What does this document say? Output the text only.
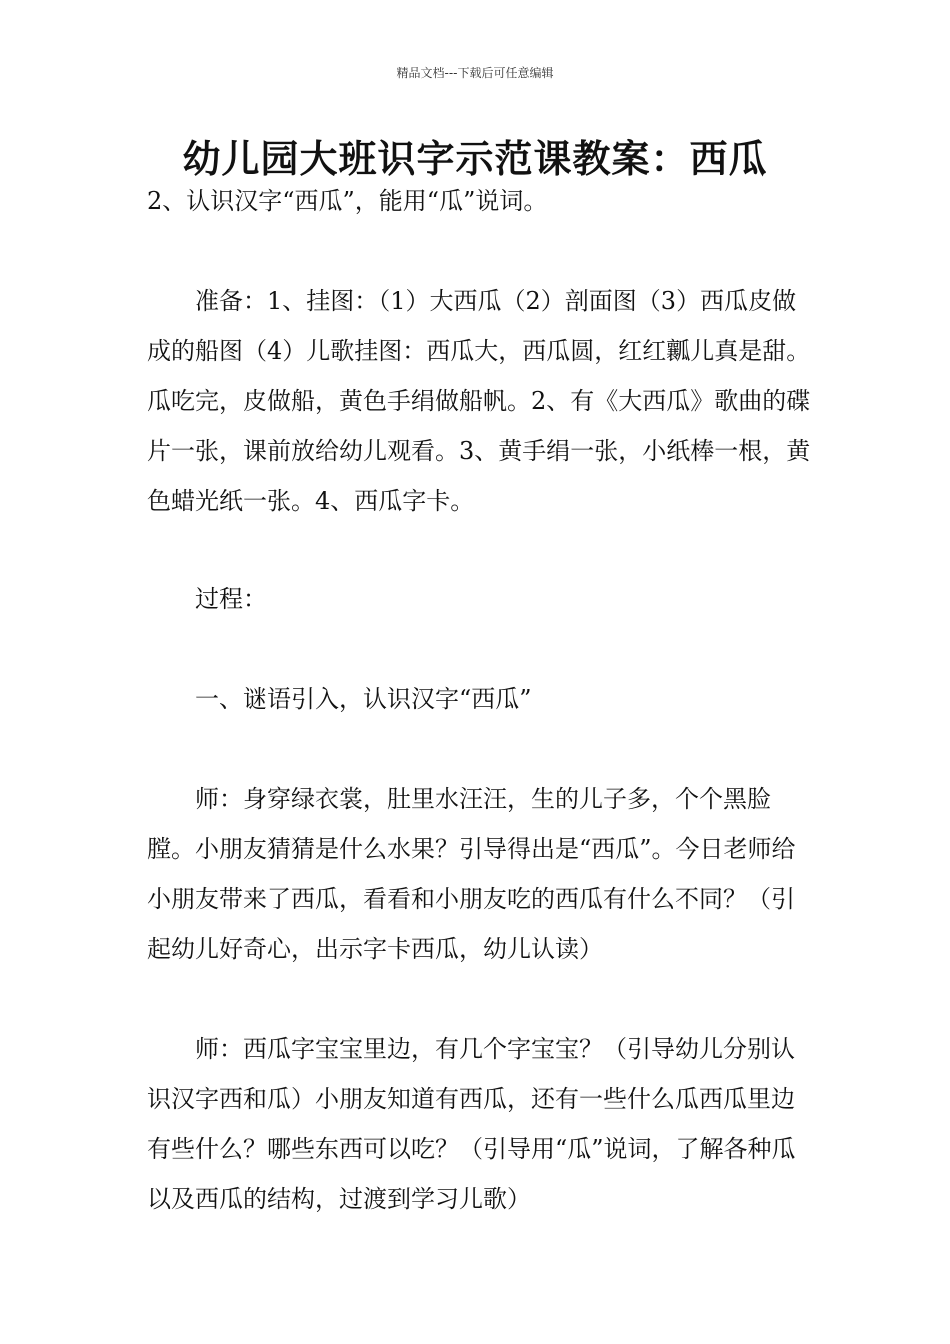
精品文档---下载后可任意编辑
幼儿园大班识字示范课教案：西瓜

2、认识汉字“西瓜”，能用“瓜”说词。

准备：1、挂图：（1）大西瓜（2）剖面图（3）西瓜皮做成的船图（4）儿歌挂图：西瓜大，西瓜圆，红红瓤儿真是甜。瓜吃完，皮做船，黄色手绢做船帆。2、有《大西瓜》歌曲的碟片一张，课前放给幼儿观看。3、黄手绢一张，小纸棒一根，黄色蜡光纸一张。4、西瓜字卡。

过程：

一、谜语引入，认识汉字“西瓜”

师：身穿绿衣裳，肚里水汪汪，生的儿子多，个个黑脸膛。小朋友猜猜是什么水果？引导得出是“西瓜”。今日老师给小朋友带来了西瓜，看看和小朋友吃的西瓜有什么不同？（引起幼儿好奇心，出示字卡西瓜，幼儿认读）

师：西瓜字宝宝里边，有几个字宝宝？（引导幼儿分别认识汉字西和瓜）小朋友知道有西瓜，还有一些什么瓜西瓜里边有些什么？哪些东西可以吃？（引导用“瓜”说词，了解各种瓜以及西瓜的结构，过渡到学习儿歌）
